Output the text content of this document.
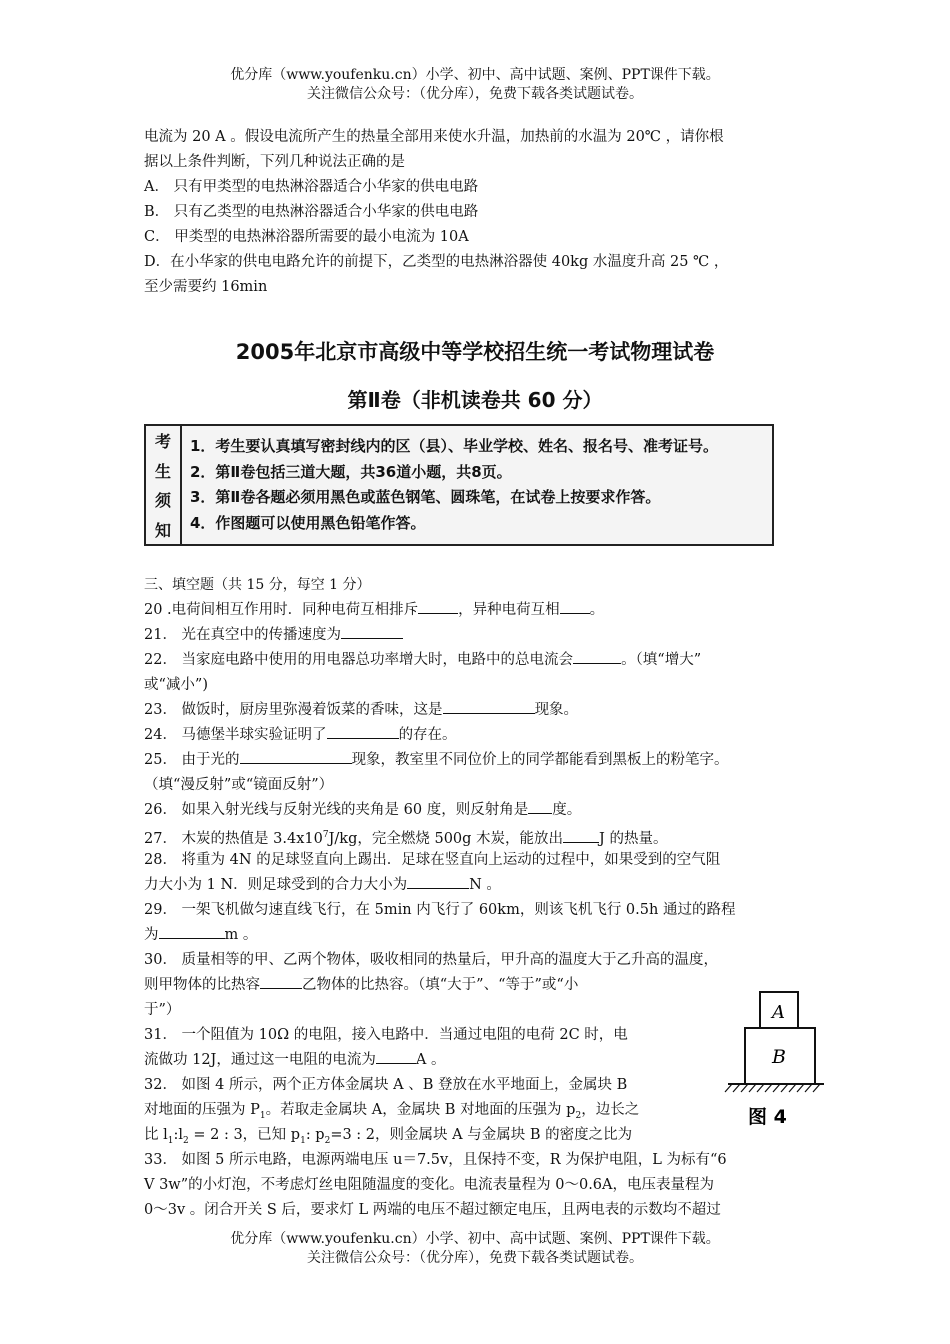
优分库（www.youfenku.cn）小学、初中、高中试题、案例、PPT课件下载。
关注微信公众号：（优分库），免费下载各类试题试卷。
电流为 20 A 。假设电流所产生的热量全部用来使水升温，加热前的水温为 20℃ ，请你根
据以上条件判断，下列几种说法正确的是
A． 只有甲类型的电热淋浴器适合小华家的供电电路
B． 只有乙类型的电热淋浴器适合小华家的供电电路
C． 甲类型的电热淋浴器所需要的最小电流为 10A
D．在小华家的供电电路允许的前提下，乙类型的电热淋浴器使 40kg 水温度升高 25 ℃ ，
至少需要约 16min
2005年北京市高级中等学校招生统一考试物理试卷
第Ⅱ卷（非机读卷共 60 分）
考
生
须
知
1．考生要认真填写密封线内的区（县）、毕业学校、姓名、报名号、准考证号。
2．第Ⅱ卷包括三道大题，共36道小题，共8页。
3．第Ⅱ卷各题必须用黑色或蓝色钢笔、圆珠笔，在试卷上按要求作答。
4．作图题可以使用黑色铅笔作答。
三、填空题（共 15 分，每空 1 分）
20 .电荷间相互作用时．同种电荷互相排斥	，异种电荷互相 。
21． 光在真空中的传播速度为
22． 当家庭电路中使用的用电器总功率增大时，电路中的总电流会	。（填“增大”
或“减小”)
23． 做饭时，厨房里弥漫着饭菜的香味，这是	现象。
24． 马德堡半球实验证明了	的存在。
25． 由于光的	现象，教室里不同位价上的同学都能看到黑板上的粉笔字。
（填“漫反射”或“镜面反射”）
26． 如果入射光线与反射光线的夹角是 60 度，则反射角是 度。
27． 木炭的热值是 $3.4x10^7J/kg$，完全燃烧 500g 木炭，能放出 J 的热量。
28． 将重为 4N 的足球竖直向上踢出．足球在竖直向上运动的过程中，如果受到的空气阻
力大小为 1 N．则足球受到的合力大小为	N 。
29． 一架飞机做匀速直线飞行，在 5min 内飞行了 60km，则该飞机飞行 0.5h 通过的路程
为	m 。
30． 质量相等的甲、乙两个物体，吸收相同的热量后，甲升高的温度大于乙升高的温度，
则甲物体的比热容	乙物体的比热容。（填“大于”、“等于”或“小
于”）
31． 一个阻值为 10Ω 的电阻，接入电路中．当通过电阻的电荷 2C 时，电
流做功 12J，通过这一电阻的电流为	A 。
32． 如图 4 所示，两个正方体金属块 A 、B 登放在水平地面上，金属块 B
对地面的压强为 $P_1$。若取走金属块 A，金属块 B 对地面的压强为 $p_2$，边长之
比 $l_1:l_2 = 2$ : 3，已知 $p_1$: $p_2=3$ : 2，则金属块 A 与金属块 B 的密度之比为
33． 如图 5 所示电路，电源两端电压 u＝7.5v，且保持不变，R 为保护电阻，L 为标有“6
V 3w”的小灯泡，不考虑灯丝电阻随温度的变化。电流表量程为 0～0.6A，电压表量程为
0～3v 。闭合开关 S 后，要求灯 L 两端的电压不超过额定电压，且两电表的示数均不超过
A
B
图 4
优分库（www.youfenku.cn）小学、初中、高中试题、案例、PPT课件下载。
关注微信公众号：（优分库），免费下载各类试题试卷。
